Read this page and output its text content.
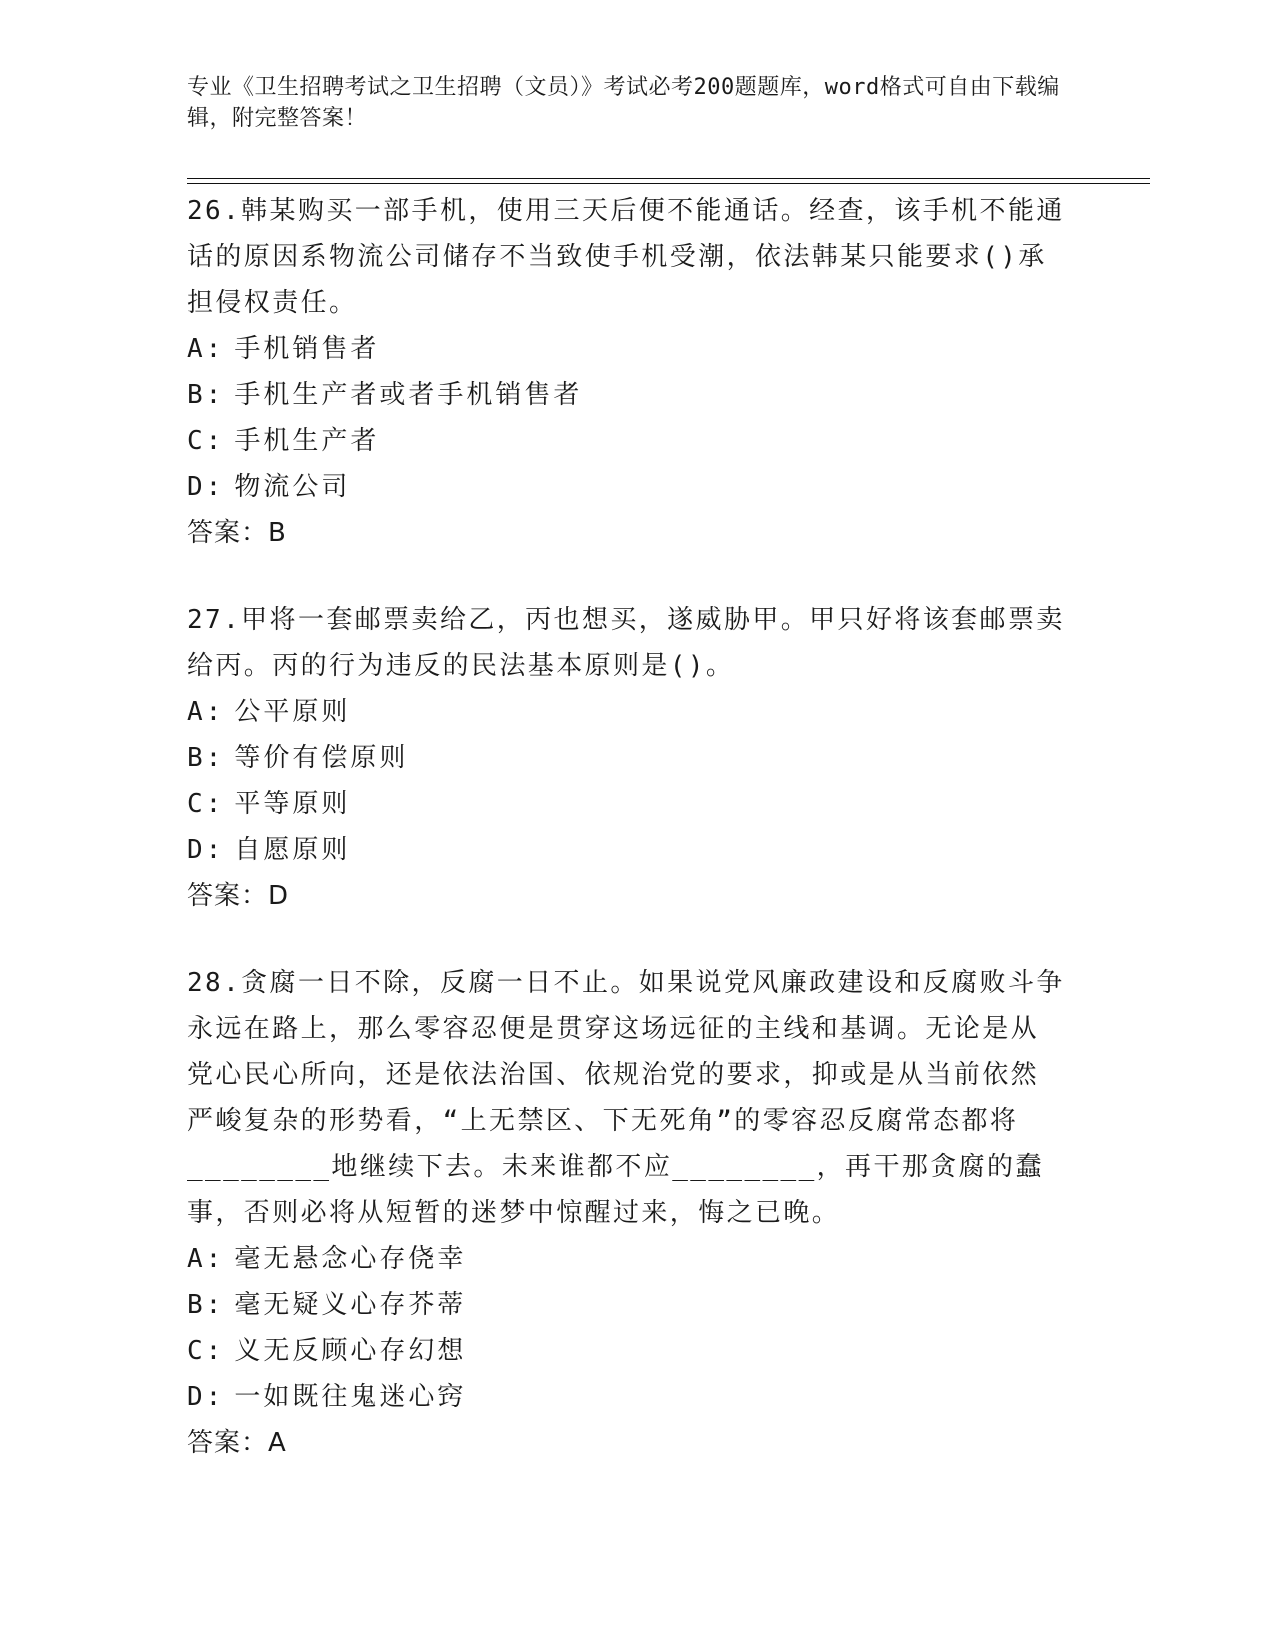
专业《卫生招聘考试之卫生招聘（文员）》考试必考200题题库，word格式可自由下载编辑，附完整答案！

26.韩某购买一部手机，使用三天后便不能通话。经查，该手机不能通话的原因系物流公司储存不当致使手机受潮，依法韩某只能要求()承担侵权责任。

A: 手机销售者

B: 手机生产者或者手机销售者

C: 手机生产者

D: 物流公司

答案：B

27.甲将一套邮票卖给乙，丙也想买，遂威胁甲。甲只好将该套邮票卖给丙。丙的行为违反的民法基本原则是()。

A: 公平原则

B: 等价有偿原则

C: 平等原则

D: 自愿原则

答案：D

28.贪腐一日不除，反腐一日不止。如果说党风廉政建设和反腐败斗争永远在路上，那么零容忍便是贯穿这场远征的主线和基调。无论是从党心民心所向，还是依法治国、依规治党的要求，抑或是从当前依然严峻复杂的形势看，“上无禁区、下无死角”的零容忍反腐常态都将________地继续下去。未来谁都不应________，再干那贪腐的蠢事，否则必将从短暂的迷梦中惊醒过来，悔之已晚。

A: 毫无悬念心存侥幸

B: 毫无疑义心存芥蒂

C: 义无反顾心存幻想

D: 一如既往鬼迷心窍

答案：A
